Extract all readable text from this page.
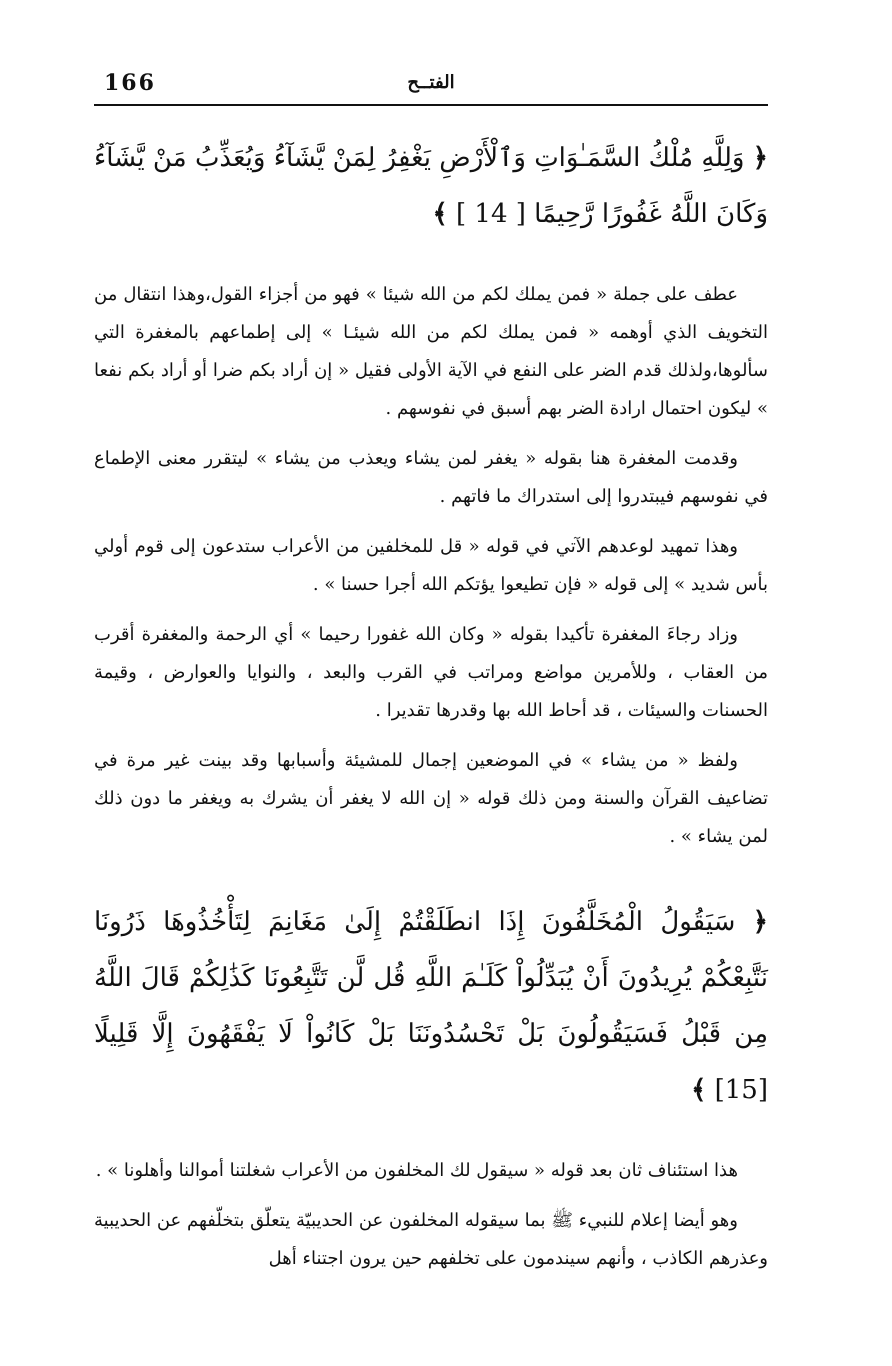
166	الفتــح

﴿ وَلِلَّهِ مُلْكُ السَّمَـٰوَاتِ وَٱلْأَرْضِ يَغْفِرُ لِمَنْ يَّشَآءُ وَيُعَذِّبُ مَنْ يَّشَآءُ وَكَانَ اللَّهُ غَفُورًا رَّحِيمًا [ 14 ] ﴾

عطف على جملة « فمن يملك لكم من الله شيئا » فهو من أجزاء القول،وهذا انتقال من التخويف الذي أوهمه « فمن يملك لكم من الله شيئـا » إلى إطماعهم بالمغفرة التي سألوها،ولذلك قدم الضر على النفع في الآية الأولى فقيل « إن أراد بكم ضرا أو أراد بكم نفعا » ليكون احتمال ارادة الضر بهم أسبق في نفوسهم .

وقدمت المغفرة هنا بقوله « يغفر لمن يشاء ويعذب من يشاء » ليتقرر معنى الإطماع في نفوسهم فيبتدروا إلى استدراك ما فاتهم .

وهذا تمهيد لوعدهم الآتي في قوله « قل للمخلفين من الأعراب ستدعون إلى قوم أولي بأس شديد » إلى قوله « فإن تطيعوا يؤتكم الله أجرا حسنا » .

وزاد رجاءَ المغفرة تأكيدا بقوله « وكان الله غفورا رحيما » أي الرحمة والمغفرة أقرب من العقاب ، وللأمرين مواضع ومراتب في القرب والبعد ، والنوايا والعوارض ، وقيمة الحسنات والسيئات ، قد أحاط الله بها وقدرها تقديرا .

ولفظ « من يشاء » في الموضعين إجمال للمشيئة وأسبابها وقد بينت غير مرة في تضاعيف القرآن والسنة ومن ذلك قوله « إن الله لا يغفر أن يشرك به ويغفر ما دون ذلك لمن يشاء » .

﴿ سَيَقُولُ الْمُخَلَّفُونَ إِذَا انطَلَقْتُمْ إِلَىٰ مَغَانِمَ لِتَأْخُذُوهَا ذَرُونَا نَتَّبِعْكُمْ يُرِيدُونَ أَنْ يُبَدِّلُواْ كَلَـٰمَ اللَّهِ قُل لَّن تَتَّبِعُونَا كَذَٰلِكُمْ قَالَ اللَّهُ مِن قَبْلُ فَسَيَقُولُونَ بَلْ تَحْسُدُونَنَا بَلْ كَانُواْ لَا يَفْقَهُونَ إِلَّا قَلِيلًا [15] ﴾

هذا استئناف ثان بعد قوله « سيقول لك المخلفون من الأعراب شغلتنا أموالنا وأهلونا » .

وهو أيضا إعلام للنبيء ﷺ بما سيقوله المخلفون عن الحديبيّة يتعلّق بتخلّفهم عن الحديبية وعذرهم الكاذب ، وأنهم سيندمون على تخلفهم حين يرون اجتناء أهل
